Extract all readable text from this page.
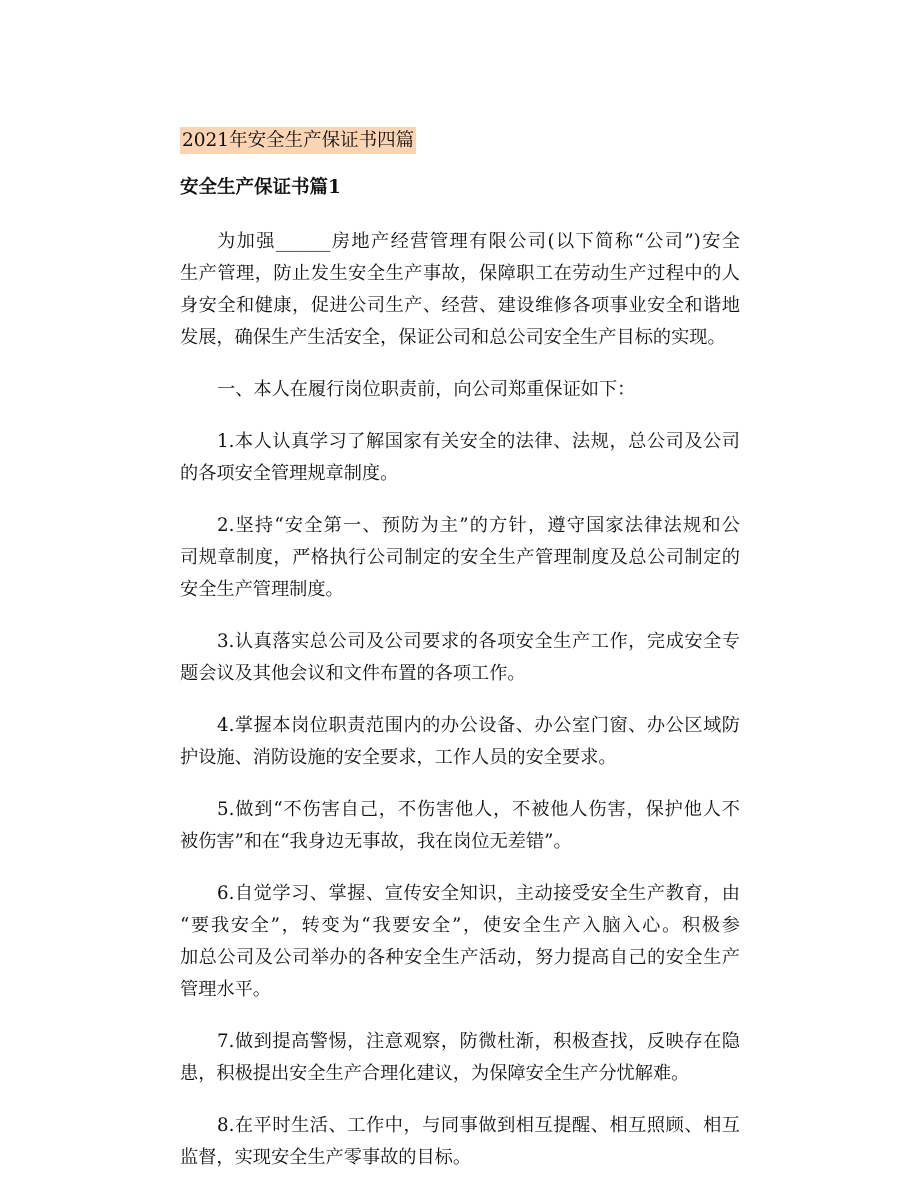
2021年安全生产保证书四篇
安全生产保证书篇1
为加强______房地产经营管理有限公司(以下简称“公司”)安全
生产管理，防止发生安全生产事故，保障职工在劳动生产过程中的人
身安全和健康，促进公司生产、经营、建设维修各项事业安全和谐地
发展，确保生产生活安全，保证公司和总公司安全生产目标的实现。
一、本人在履行岗位职责前，向公司郑重保证如下：
1.本人认真学习了解国家有关安全的法律、法规，总公司及公司
的各项安全管理规章制度。
2.坚持“安全第一、预防为主”的方针，遵守国家法律法规和公
司规章制度，严格执行公司制定的安全生产管理制度及总公司制定的
安全生产管理制度。
3.认真落实总公司及公司要求的各项安全生产工作，完成安全专
题会议及其他会议和文件布置的各项工作。
4.掌握本岗位职责范围内的办公设备、办公室门窗、办公区域防
护设施、消防设施的安全要求，工作人员的安全要求。
5.做到“不伤害自己，不伤害他人，不被他人伤害，保护他人不
被伤害”和在“我身边无事故，我在岗位无差错”。
6.自觉学习、掌握、宣传安全知识，主动接受安全生产教育，由
“要我安全”，转变为“我要安全”，使安全生产入脑入心。积极参
加总公司及公司举办的各种安全生产活动，努力提高自己的安全生产
管理水平。
7.做到提高警惕，注意观察，防微杜渐，积极查找，反映存在隐
患，积极提出安全生产合理化建议，为保障安全生产分忧解难。
8.在平时生活、工作中，与同事做到相互提醒、相互照顾、相互
监督，实现安全生产零事故的目标。
